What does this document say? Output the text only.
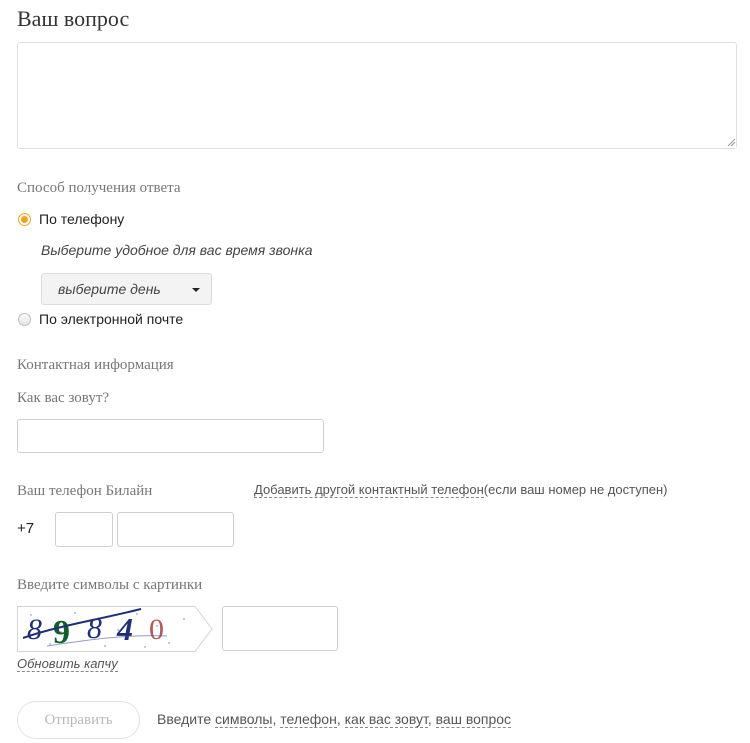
Ваш вопрос
Способ получения ответа
По телефону
Выберите удобное для вас время звонка
выберите день
По электронной почте
Контактная информация
Как вас зовут?
Ваш телефон Билайн	Добавить другой контактный телефон(если ваш номер не доступен)
+7
Введите символы с картинки
8 9 8 4 0
Обновить капчу
Отправить	Введите символы, телефон, как вас зовут, ваш вопрос
